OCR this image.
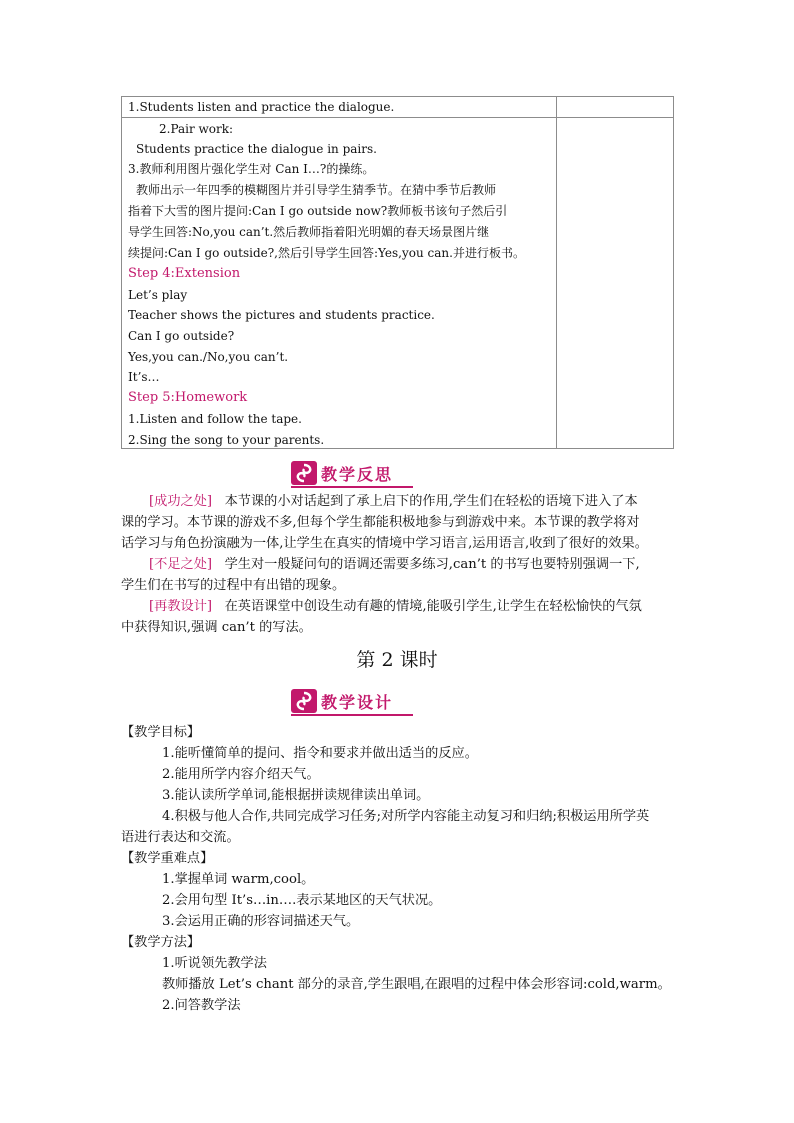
1.Students listen and practice the dialogue.
2.Pair work:
Students practice the dialogue in pairs.
3.教师利用图片强化学生对 Can I…?的操练。
教师出示一年四季的模糊图片并引导学生猜季节。在猜中季节后教师
指着下大雪的图片提问:Can I go outside now?教师板书该句子然后引
导学生回答:No,you can’t.然后教师指着阳光明媚的春天场景图片继
续提问:Can I go outside?,然后引导学生回答:Yes,you can.并进行板书。
Step 4:Extension
Let’s play
Teacher shows the pictures and students practice.
Can I go outside?
Yes,you can./No,you can’t.
It’s…
Step 5:Homework
1.Listen and follow the tape.
2.Sing the song to your parents.
教学反思
[成功之处] 本节课的小对话起到了承上启下的作用,学生们在轻松的语境下进入了本
课的学习。本节课的游戏不多,但每个学生都能积极地参与到游戏中来。本节课的教学将对
话学习与角色扮演融为一体,让学生在真实的情境中学习语言,运用语言,收到了很好的效果。
[不足之处] 学生对一般疑问句的语调还需要多练习,can’t 的书写也要特别强调一下,
学生们在书写的过程中有出错的现象。
[再教设计] 在英语课堂中创设生动有趣的情境,能吸引学生,让学生在轻松愉快的气氛
中获得知识,强调 can’t 的写法。
第 2 课时
教学设计
【教学目标】
1.能听懂简单的提问、指令和要求并做出适当的反应。
2.能用所学内容介绍天气。
3.能认读所学单词,能根据拼读规律读出单词。
4.积极与他人合作,共同完成学习任务;对所学内容能主动复习和归纳;积极运用所学英
语进行表达和交流。
【教学重难点】
1.掌握单词 warm,cool。
2.会用句型 It’s…in….表示某地区的天气状况。
3.会运用正确的形容词描述天气。
【教学方法】
1.听说领先教学法
教师播放 Let’s chant 部分的录音,学生跟唱,在跟唱的过程中体会形容词:cold,warm。
2.问答教学法
